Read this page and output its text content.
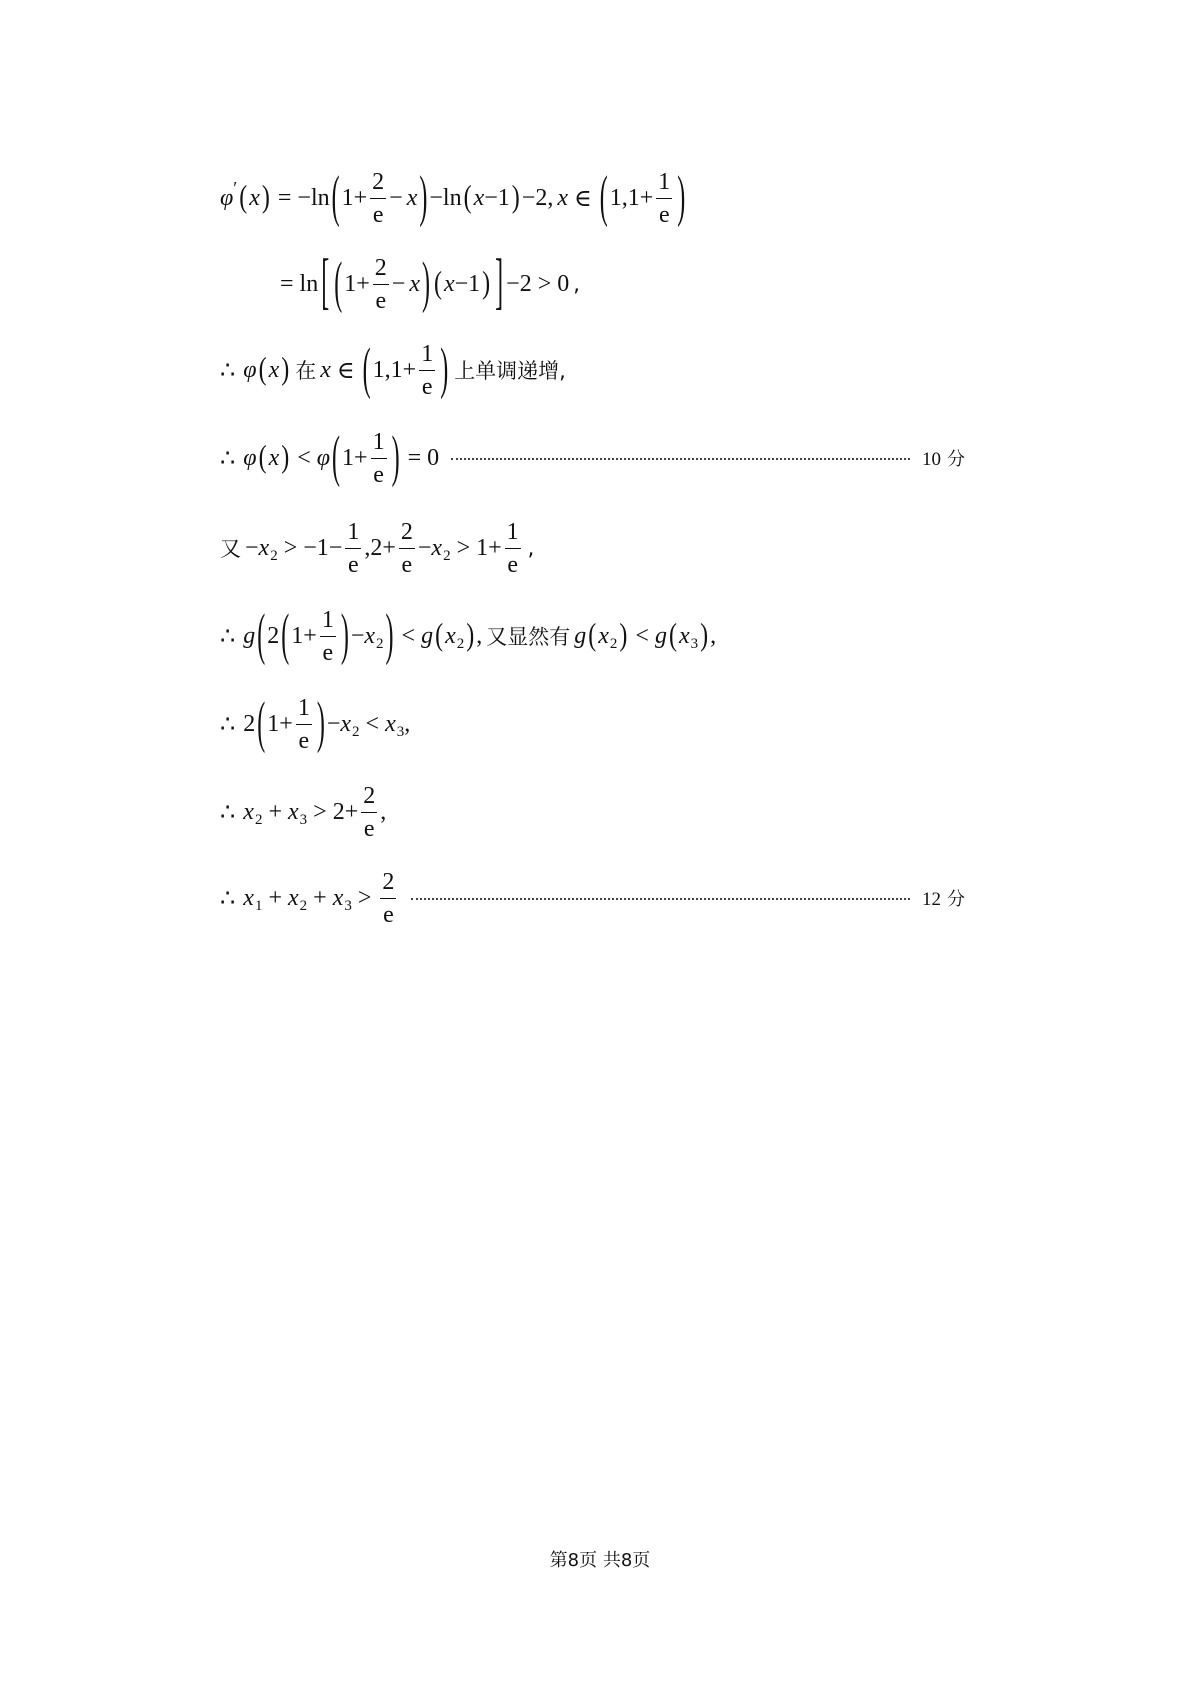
φ ′ ( x ) = −ln ( $1+ \frac{2}{e} - x$ ) −ln ( x −1 ) −2, x ∈ ( $1,1+ \frac{1}{e}$ )
= ln [ ( $1+ \frac{2}{e} - x$ ) ( x −1 ) ] −2 > 0 ,
∴ φ ( x ) 在 x ∈ ( $1,1+ \frac{1}{e}$ ) 上单调递增,
∴ φ ( x ) < φ ( $1+ \frac{1}{e}$ ) = 0	10 分
又 − x $2 > -1- \frac{1}{e} ,2+ \frac{2}{e} - x$ $2 > 1+ \frac{1}{e}$ ,
∴ g ( 2 ( $1+ \frac{1}{e}$ ) − x 2 ) < g ( x 2 ) , 又显然有 g ( x 2 ) < g ( x 3 ) ,
∴ 2 ( $1+ \frac{1}{e}$ ) − x 2 < x 3 ,
∴ x 2 + x $3 > 2+ \frac{2}{e}$ ,
∴ x 1 + x 2 + x $3 > \frac{2}{e}$	12 分
第8页 共8页
